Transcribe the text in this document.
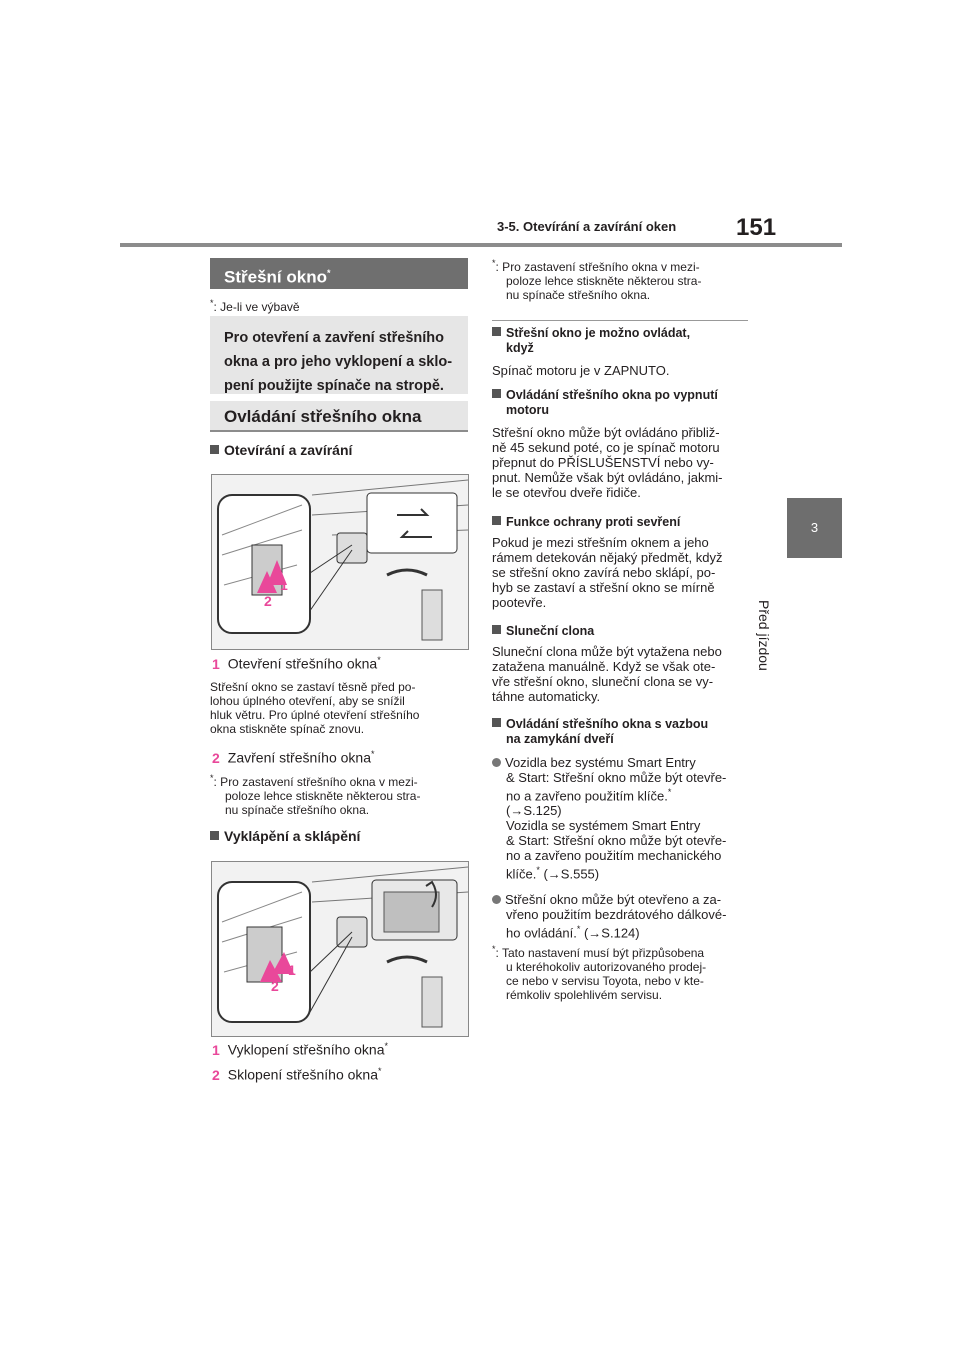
3-5. Otevírání a zavírání oken 151
3
Před jízdou
Střešní okno*
*: Je-li ve výbavě
Pro otevření a zavření střešního
okna a pro jeho vyklopení a sklo-
pení použijte spínače na stropě.
Ovládání střešního okna
Otevírání a zavírání
1
2
1 Otevření střešního okna*
Střešní okno se zastaví těsně před po-
lohou úplného otevření, aby se snížil
hluk větru. Pro úplné otevření střešního
okna stiskněte spínač znovu.
2 Zavření střešního okna*
*: Pro zastavení střešního okna v mezi-
poloze lehce stiskněte některou stra-
nu spínače střešního okna.
Vyklápění a sklápění
1
2
1 Vyklopení střešního okna*
2 Sklopení střešního okna*
*: Pro zastavení střešního okna v mezi-
poloze lehce stiskněte některou stra-
nu spínače střešního okna.
Střešní okno je možno ovládat,
když
Spínač motoru je v ZAPNUTO.
Ovládání střešního okna po vypnutí
motoru
Střešní okno může být ovládáno přibliž-
ně 45 sekund poté, co je spínač motoru
přepnut do PŘÍSLUŠENSTVÍ nebo vy-
pnut. Nemůže však být ovládáno, jakmi-
le se otevřou dveře řidiče.
Funkce ochrany proti sevření
Pokud je mezi střešním oknem a jeho
rámem detekován nějaký předmět, když
se střešní okno zavírá nebo sklápí, po-
hyb se zastaví a střešní okno se mírně
pootevře.
Sluneční clona
Sluneční clona může být vytažena nebo
zatažena manuálně. Když se však ote-
vře střešní okno, sluneční clona se vy-
táhne automaticky.
Ovládání střešního okna s vazbou
na zamykání dveří
Vozidla bez systému Smart Entry
& Start: Střešní okno může být otevře-
no a zavřeno použitím klíče.*
(→S.125)
Vozidla se systémem Smart Entry
& Start: Střešní okno může být otevře-
no a zavřeno použitím mechanického
klíče.* (→S.555)
Střešní okno může být otevřeno a za-
vřeno použitím bezdrátového dálkové-
ho ovládání.* (→S.124)
*: Tato nastavení musí být přizpůsobena
u kteréhokoliv autorizovaného prodej-
ce nebo v servisu Toyota, nebo v kte-
rémkoliv spolehlivém servisu.
